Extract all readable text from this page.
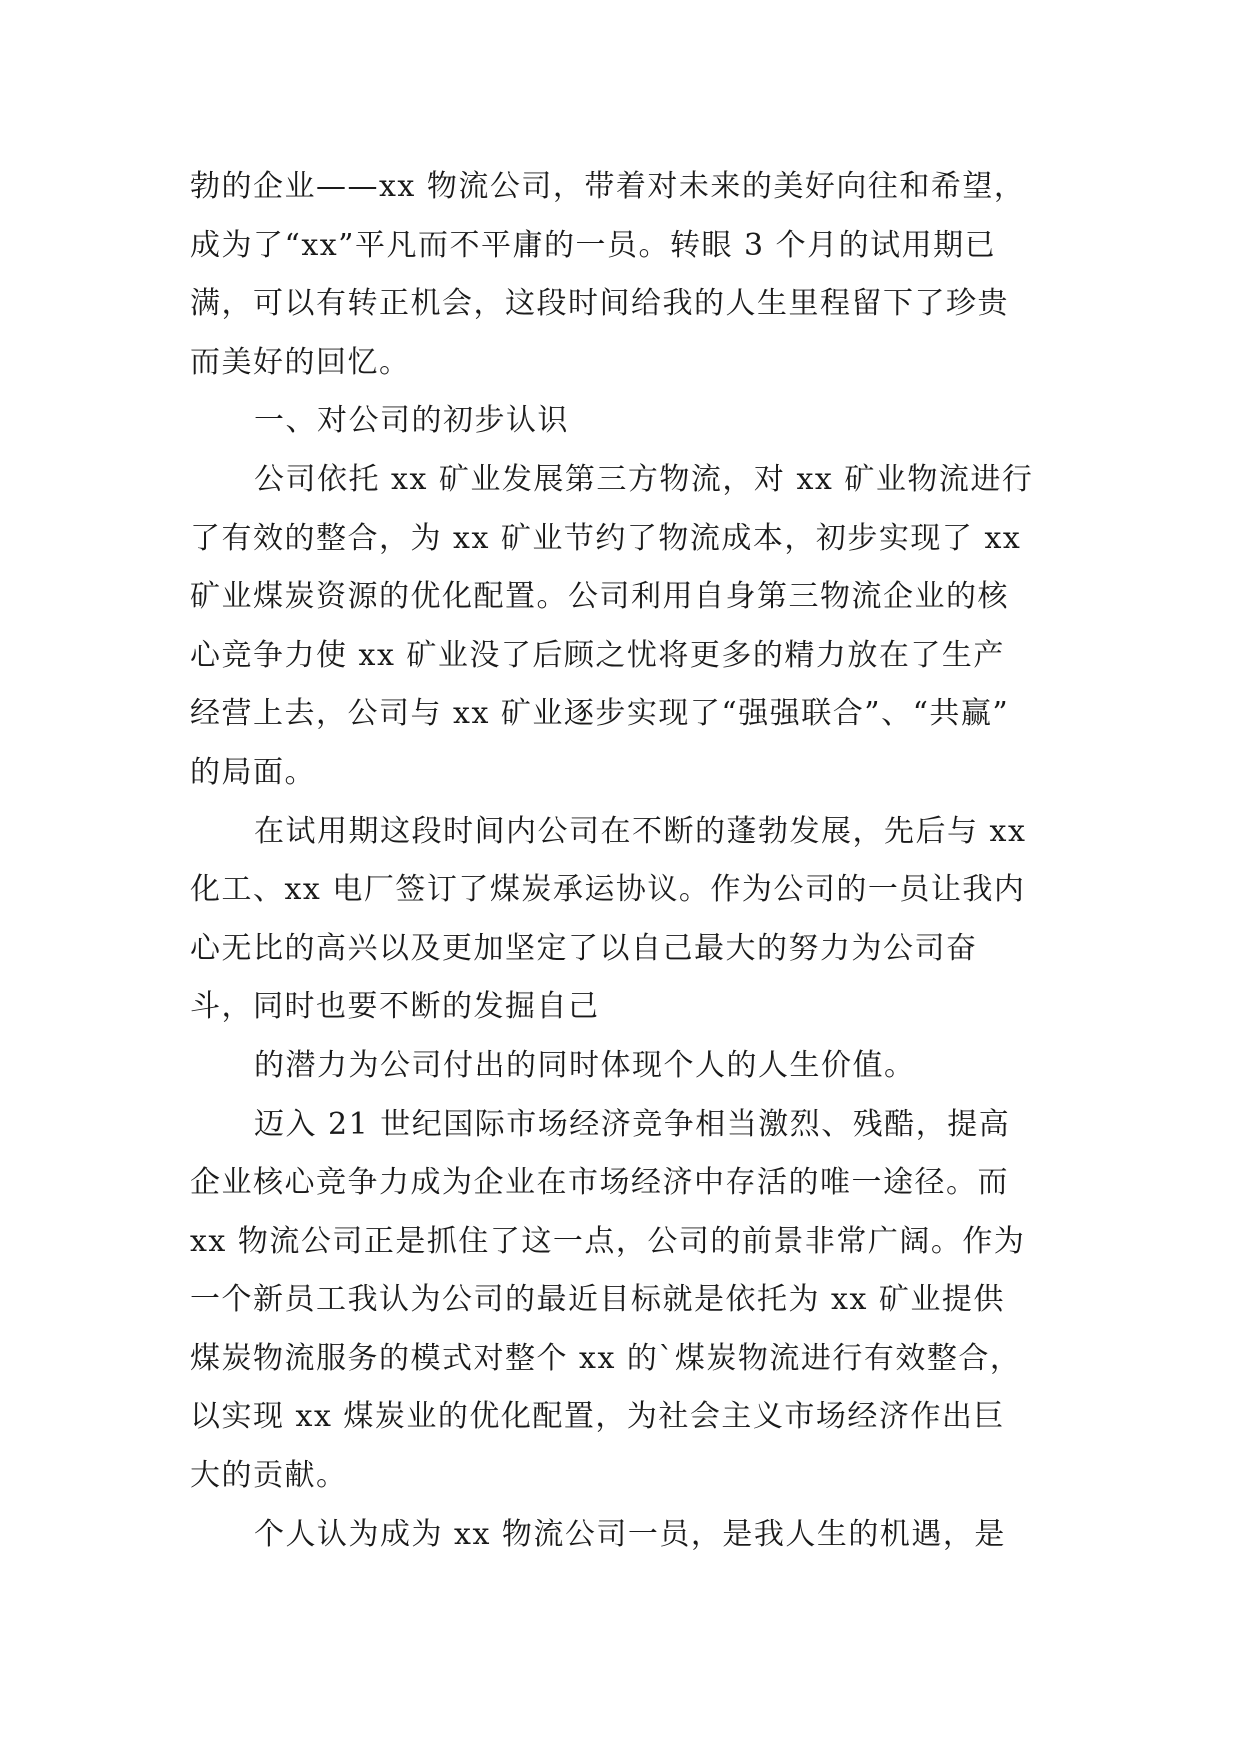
勃的企业——xx 物流公司，带着对未来的美好向往和希望，
成为了“xx”平凡而不平庸的一员。转眼 3 个月的试用期已
满，可以有转正机会，这段时间给我的人生里程留下了珍贵
而美好的回忆。
一、对公司的初步认识
公司依托 xx 矿业发展第三方物流，对 xx 矿业物流进行
了有效的整合，为 xx 矿业节约了物流成本，初步实现了 xx
矿业煤炭资源的优化配置。公司利用自身第三物流企业的核
心竞争力使 xx 矿业没了后顾之忧将更多的精力放在了生产
经营上去，公司与 xx 矿业逐步实现了“强强联合”、“共赢”
的局面。
在试用期这段时间内公司在不断的蓬勃发展，先后与 xx
化工、xx 电厂签订了煤炭承运协议。作为公司的一员让我内
心无比的高兴以及更加坚定了以自己最大的努力为公司奋
斗，同时也要不断的发掘自己
的潜力为公司付出的同时体现个人的人生价值。
迈入 21 世纪国际市场经济竞争相当激烈、残酷，提高
企业核心竞争力成为企业在市场经济中存活的唯一途径。而
xx 物流公司正是抓住了这一点，公司的前景非常广阔。作为
一个新员工我认为公司的最近目标就是依托为 xx 矿业提供
煤炭物流服务的模式对整个 xx 的`煤炭物流进行有效整合，
以实现 xx 煤炭业的优化配置，为社会主义市场经济作出巨
大的贡献。
个人认为成为 xx 物流公司一员，是我人生的机遇，是
